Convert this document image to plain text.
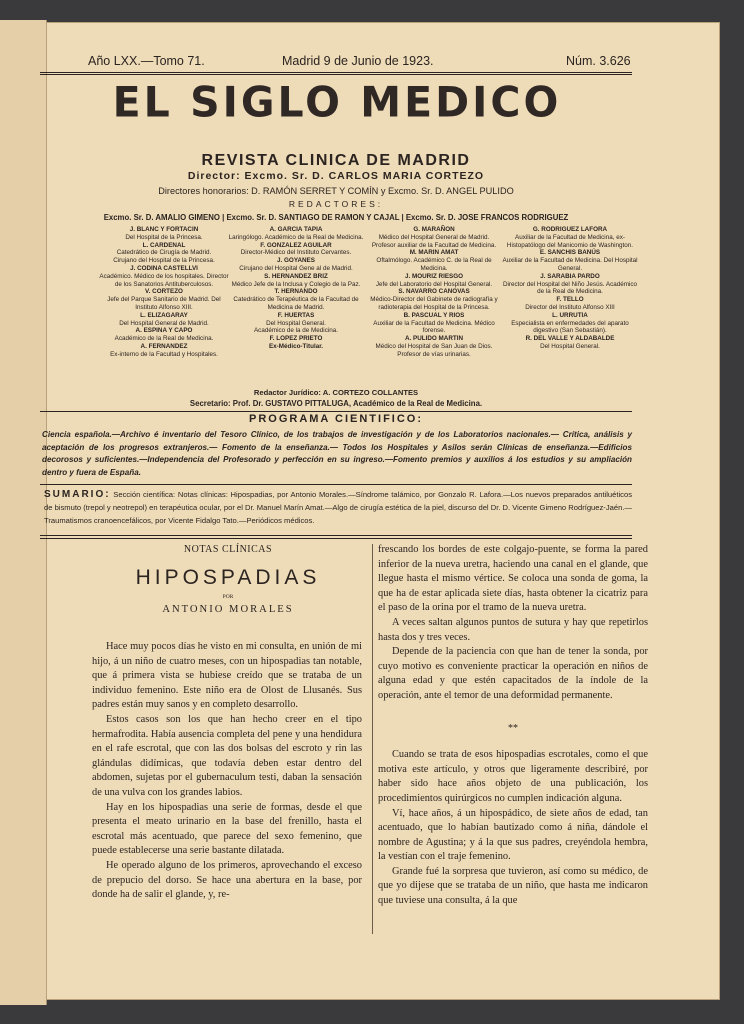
Año LXX.—Tomo 71.	Madrid 9 de Junio de 1923.	Núm. 3.626
EL SIGLO MEDICO
REVISTA CLINICA DE MADRID
Director: Excmo. Sr. D. CARLOS MARIA CORTEZO
Directores honorarios: D. RAMÓN SERRET Y COMÍN y Excmo. Sr. D. ANGEL PULIDO
REDACTORES:
Excmo. Sr. D. AMALIO GIMENO | Excmo. Sr. D. SANTIAGO DE RAMON Y CAJAL | Excmo. Sr. D. JOSE FRANCOS RODRIGUEZ
J. BLANC Y FORTACIN
Del Hospital de la Princesa.
L. CARDENAL
Catedrático de Cirugía de Madrid.
Cirujano del Hospital de la Princesa.
J. CODINA CASTELLVI
Académico. Médico de los hospitales. Director de los Sanatorios Antituberculosos.
V. CORTEZO
Jefe del Parque Sanitario de Madrid. Del Instituto Alfonso XIII.
L. ELIZAGARAY
Del Hospital General de Madrid.
A. ESPINA Y CAPO
Académico de la Real de Medicina.
A. FERNANDEZ
Ex-interno de la Facultad y Hospitales.
A. GARCIA TAPIA
Laringólogo. Académico de la Real de Medicina.
F. GONZALEZ AGUILAR
Director-Médico del Instituto Cervantes.
J. GOYANES
Cirujano del Hospital Gene al de Madrid.
S. HERNANDEZ BRIZ
Médico Jefe de la Inclusa y Colegio de la Paz.
T. HERNANDO
Catedrático de Terapéutica de la Facultad de Medicina de Madrid.
F. HUERTAS
Del Hospital General.
Académico de la de Medicina.
F. LOPEZ PRIETO
Ex-Médico-Titular.
G. MARAÑON
Médico del Hospital General de Madrid. Profesor auxiliar de la Facultad de Medicina.
M. MARIN AMAT
Oftalmólogo. Académico C. de la Real de Medicina.
J. MOURIZ RIESGO
Jefe del Laboratorio del Hospital General.
S. NAVARRO CANOVAS
Médico-Director del Gabinete de radiografía y radioterapia del Hospital de la Princesa.
B. PASCUAL Y RIOS
Auxiliar de la Facultad de Medicina. Médico forense.
A. PULIDO MARTIN
Médico del Hospital de San Juan de Dios. Profesor de vías urinarias.
G. RODRIGUEZ LAFORA
Auxiliar de la Facultad de Medicina, ex-Histopatólogo del Manicomio de Washington.
E. SANCHIS BANÚS
Auxiliar de la Facultad de Medicina. Del Hospital General.
J. SARABIA PARDO
Director del Hospital del Niño Jesús. Académico de la Real de Medicina.
F. TELLO
Director del Instituto Alfonso XIII
L. URRUTIA
Especialista en enfermedades del aparato digestivo (San Sebastián).
R. DEL VALLE Y ALDABALDE
Del Hospital General.
Redactor Jurídico: A. CORTEZO COLLANTES
Secretario: Prof. Dr. GUSTAVO PITTALUGA, Académico de la Real de Medicina.
PROGRAMA CIENTIFICO:
Ciencia española.—Archivo é inventario del Tesoro Clínico, de los trabajos de investigación y de los Laboratorios nacionales.— Crítica, análisis y aceptación de los progresos extranjeros.— Fomento de la enseñanza.— Todos los Hospitales y Asilos serán Clínicas de enseñanza.—Edificios decorosos y suficientes.—Independencia del Profesorado y perfección en su ingreso.—Fomento premios y auxilios á los estudios y su ampliación dentro y fuera de España.
SUMARIO: Sección científica: Notas clínicas: Hipospadias, por Antonio Morales.—Síndrome talámico, por Gonzalo R. Lafora.—Los nuevos preparados antiluéticos de bismuto (trepol y neotrepol) en terapéutica ocular, por el Dr. Manuel Marín Amat.—Algo de cirugía estética de la piel, discurso del Dr. D. Vicente Gimeno Rodríguez-Jaén.—Traumatismos cranoencefálicos, por Vicente Fidalgo Tato.—Periódicos médicos.
NOTAS CLÍNICAS
HIPOSPADIAS
POR
ANTONIO MORALES

Hace muy pocos días he visto en mi consulta, en unión de mi hijo, á un niño de cuatro meses, con un hipospadias tan notable, que á primera vista se hubiese creído que se trataba de un individuo femenino. Este niño era de Olost de Llusanés. Sus padres están muy sanos y en completo desarrollo.

Estos casos son los que han hecho creer en el tipo hermafrodita. Había ausencia completa del pene y una hendidura en el rafe escrotal, que con las dos bolsas del escroto y rin las glándulas didímicas, que todavía deben estar dentro del abdomen, sujetas por el gubernaculum testi, daban la sensación de una vulva con los grandes labios.

Hay en los hipospadias una serie de formas, desde el que presenta el meato urinario en la base del frenillo, hasta el escrotal más acentuado, que parece del sexo femenino, que puede establecerse una serie bastante dilatada.

He operado alguno de los primeros, aprovechando el exceso de prepucio del dorso. Se hace una abertura en la base, por donde ha de salir el glande, y, re-

frescando los bordes de este colgajo-puente, se forma la pared inferior de la nueva uretra, haciendo una canal en el glande, que llegue hasta el mismo vértice. Se coloca una sonda de goma, la que ha de estar aplicada siete días, hasta obtener la cicatriz para el paso de la orina por el tramo de la nueva uretra.

A veces saltan algunos puntos de sutura y hay que repetirlos hasta dos y tres veces.

Depende de la paciencia con que han de tener la sonda, por cuyo motivo es conveniente practicar la operación en niños de alguna edad y que estén capacitados de la índole de la operación, ante el temor de una deformidad permanente.

**

Cuando se trata de esos hipospadias escrotales, como el que motiva este artículo, y otros que ligeramente describiré, por haber sido hace años objeto de una publicación, los procedimientos quirúrgicos no cumplen indicación alguna.

Ví, hace años, á un hipospádico, de siete años de edad, tan acentuado, que lo habían bautizado como á niña, dándole el nombre de Agustina; y á la que sus padres, creyéndola hembra, la vestían con el traje femenino.

Grande fué la sorpresa que tuvieron, así como su médico, de que yo dijese que se trataba de un niño, que hasta me indicaron que tuviese una consulta, á la que
